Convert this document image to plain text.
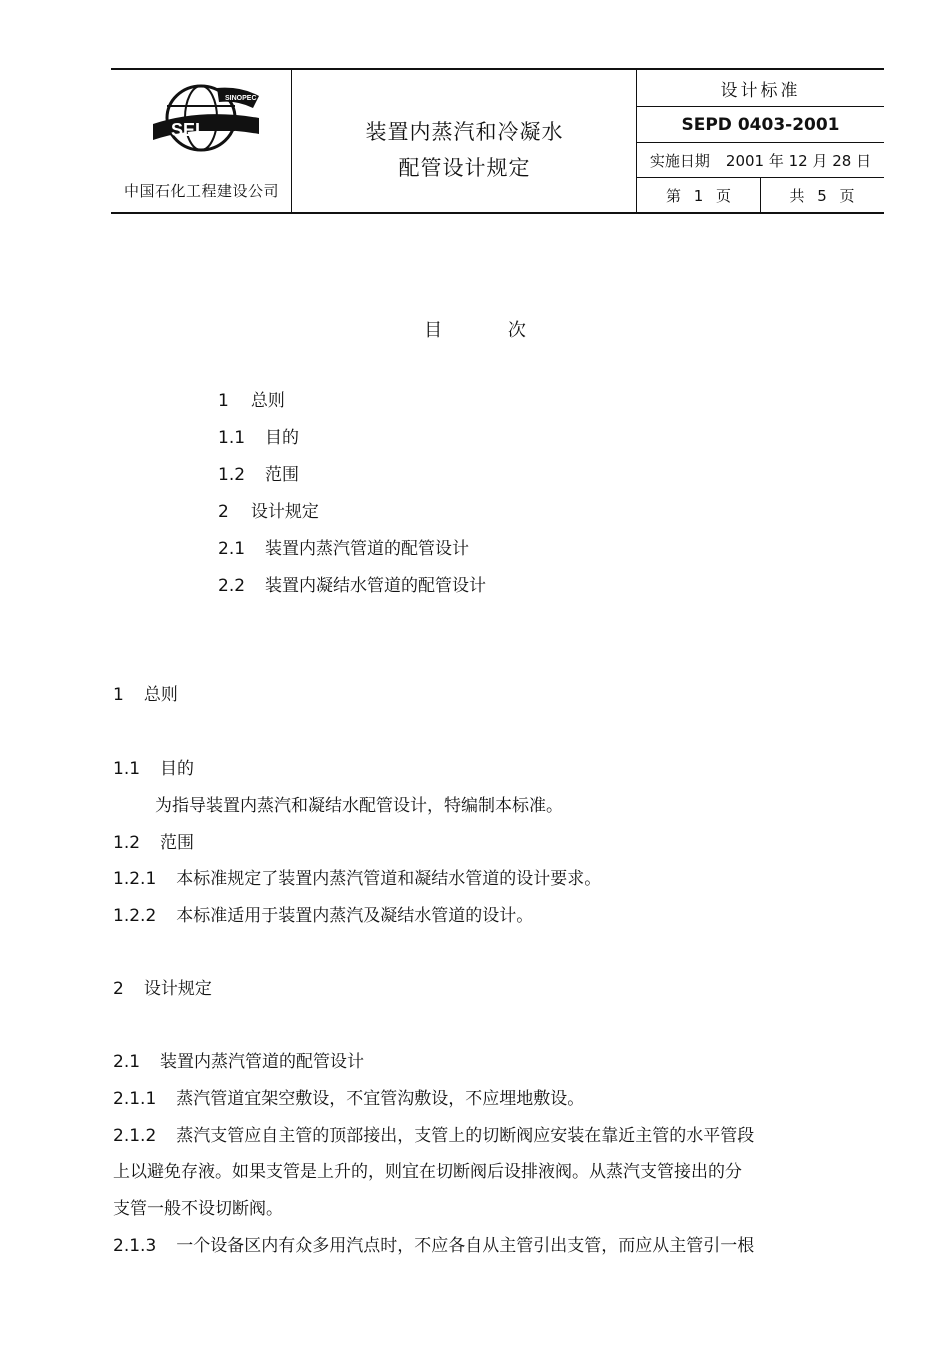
SEI
SINOPEC
中国石化工程建设公司
装置内蒸汽和冷凝水
配管设计规定
设计标准
SEPD 0403-2001
实施日期 2001 年 12 月 28 日
第 1 页	共 5 页
目 次
1 总则
1.1 目的
1.2 范围
2 设计规定
2.1 装置内蒸汽管道的配管设计
2.2 装置内凝结水管道的配管设计
1 总则
1.1 目的
为指导装置内蒸汽和凝结水配管设计，特编制本标准。
1.2 范围
1.2.1 本标准规定了装置内蒸汽管道和凝结水管道的设计要求。
1.2.2 本标准适用于装置内蒸汽及凝结水管道的设计。
2 设计规定
2.1 装置内蒸汽管道的配管设计
2.1.1 蒸汽管道宜架空敷设，不宜管沟敷设，不应埋地敷设。
2.1.2 蒸汽支管应自主管的顶部接出，支管上的切断阀应安装在靠近主管的水平管段
上以避免存液。如果支管是上升的，则宜在切断阀后设排液阀。从蒸汽支管接出的分
支管一般不设切断阀。
2.1.3 一个设备区内有众多用汽点时，不应各自从主管引出支管，而应从主管引一根
